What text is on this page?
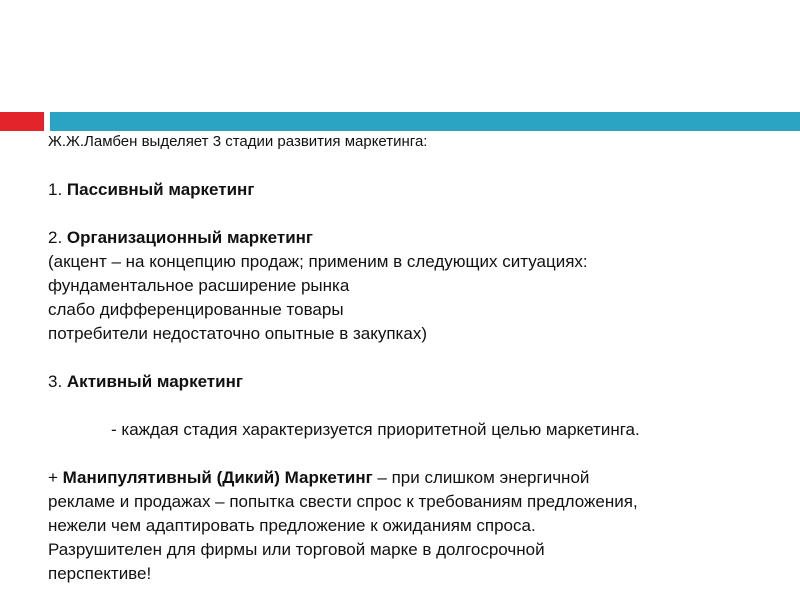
Ж.Ж.Ламбен выделяет 3 стадии развития маркетинга:
1. Пассивный маркетинг
2. Организационный маркетинг
(акцент – на концепцию продаж; применим в следующих ситуациях:
фундаментальное расширение рынка
слабо дифференцированные товары
потребители недостаточно опытные в закупках)
3. Активный маркетинг
- каждая стадия характеризуется приоритетной целью маркетинга.
+ Манипулятивный (Дикий) Маркетинг – при слишком энергичной
рекламе и продажах – попытка свести спрос к требованиям предложения,
нежели чем адаптировать предложение к ожиданиям спроса.
Разрушителен для фирмы или торговой марке в долгосрочной
перспективе!
